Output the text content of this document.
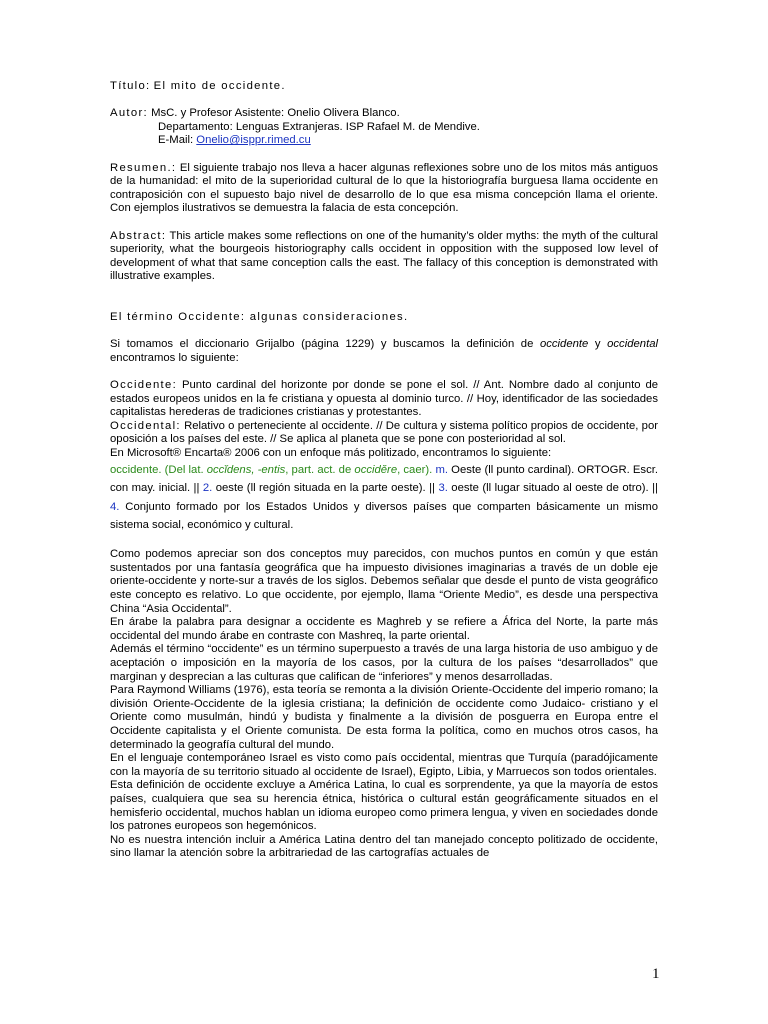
Título: El mito de occidente.

Autor: MsC. y Profesor Asistente: Onelio Olivera Blanco.

Departamento: Lenguas Extranjeras. ISP Rafael M. de Mendive.

E-Mail: Onelio@isppr.rimed.cu

Resumen.: El siguiente trabajo nos lleva a hacer algunas reflexiones sobre uno de los mitos más antiguos de la humanidad: el mito de la superioridad cultural de lo que la historiografía burguesa llama occidente en contraposición con el supuesto bajo nivel de desarrollo de lo que esa misma concepción llama el oriente. Con ejemplos ilustrativos se demuestra la falacia de esta concepción.

Abstract: This article makes some reflections on one of the humanity’s older myths: the myth of the cultural superiority, what the bourgeois historiography calls occident in opposition with the supposed low level of development of what that same conception calls the east. The fallacy of this conception is demonstrated with illustrative examples.

El término Occidente: algunas consideraciones.

Si tomamos el diccionario Grijalbo (página 1229) y buscamos la definición de occidente y occidental encontramos lo siguiente:

Occidente: Punto cardinal del horizonte por donde se pone el sol. // Ant. Nombre dado al conjunto de estados europeos unidos en la fe cristiana y opuesta al dominio turco. // Hoy, identificador de las sociedades capitalistas herederas de tradiciones cristianas y protestantes.

Occidental: Relativo o perteneciente al occidente. // De cultura y sistema político propios de occidente, por oposición a los países del este. // Se aplica al planeta que se pone con posterioridad al sol.

En Microsoft® Encarta® 2006 con un enfoque más politizado, encontramos lo siguiente:

occidente. (Del lat. occĭdens, -entis, part. act. de occidĕre, caer). m. Oeste (ll punto cardinal). ORTOGR. Escr. con may. inicial. || 2. oeste (ll región situada en la parte oeste). || 3. oeste (ll lugar situado al oeste de otro). || 4. Conjunto formado por los Estados Unidos y diversos países que comparten básicamente un mismo sistema social, económico y cultural.

Como podemos apreciar son dos conceptos muy parecidos, con muchos puntos en común y que están sustentados por una fantasía geográfica que ha impuesto divisiones imaginarias a través de un doble eje oriente-occidente y norte-sur a través de los siglos. Debemos señalar que desde el punto de vista geográfico este concepto es relativo. Lo que occidente, por ejemplo, llama “Oriente Medio”, es desde una perspectiva China “Asia Occidental”.

En árabe la palabra para designar a occidente es Maghreb y se refiere a África del Norte, la parte más occidental del mundo árabe en contraste con Mashreq, la parte oriental.

Además el término “occidente” es un término superpuesto a través de una larga historia de uso ambiguo y de aceptación o imposición en la mayoría de los casos, por la cultura de los países “desarrollados” que marginan y desprecian a las culturas que califican de “inferiores” y menos desarrolladas.

Para Raymond Williams (1976), esta teoría se remonta a la división Oriente-Occidente del imperio romano; la división Oriente-Occidente de la iglesia cristiana; la definición de occidente como Judaico- cristiano y el Oriente como musulmán, hindú y budista y finalmente a la división de posguerra en Europa entre el Occidente capitalista y el Oriente comunista. De esta forma la política, como en muchos otros casos, ha determinado la geografía cultural del mundo.

En el lenguaje contemporáneo Israel es visto como país occidental, mientras que Turquía (paradójicamente con la mayoría de su territorio situado al occidente de Israel), Egipto, Libia, y Marruecos son todos orientales.

Esta definición de occidente excluye a América Latina, lo cual es sorprendente, ya que la mayoría de estos países, cualquiera que sea su herencia étnica, histórica o cultural están geográficamente situados en el hemisferio occidental, muchos hablan un idioma europeo como primera lengua, y viven en sociedades donde los patrones europeos son hegemónicos.

No es nuestra intención incluir a América Latina dentro del tan manejado concepto politizado de occidente, sino llamar la atención sobre la arbitrariedad de las cartografías actuales de

1
